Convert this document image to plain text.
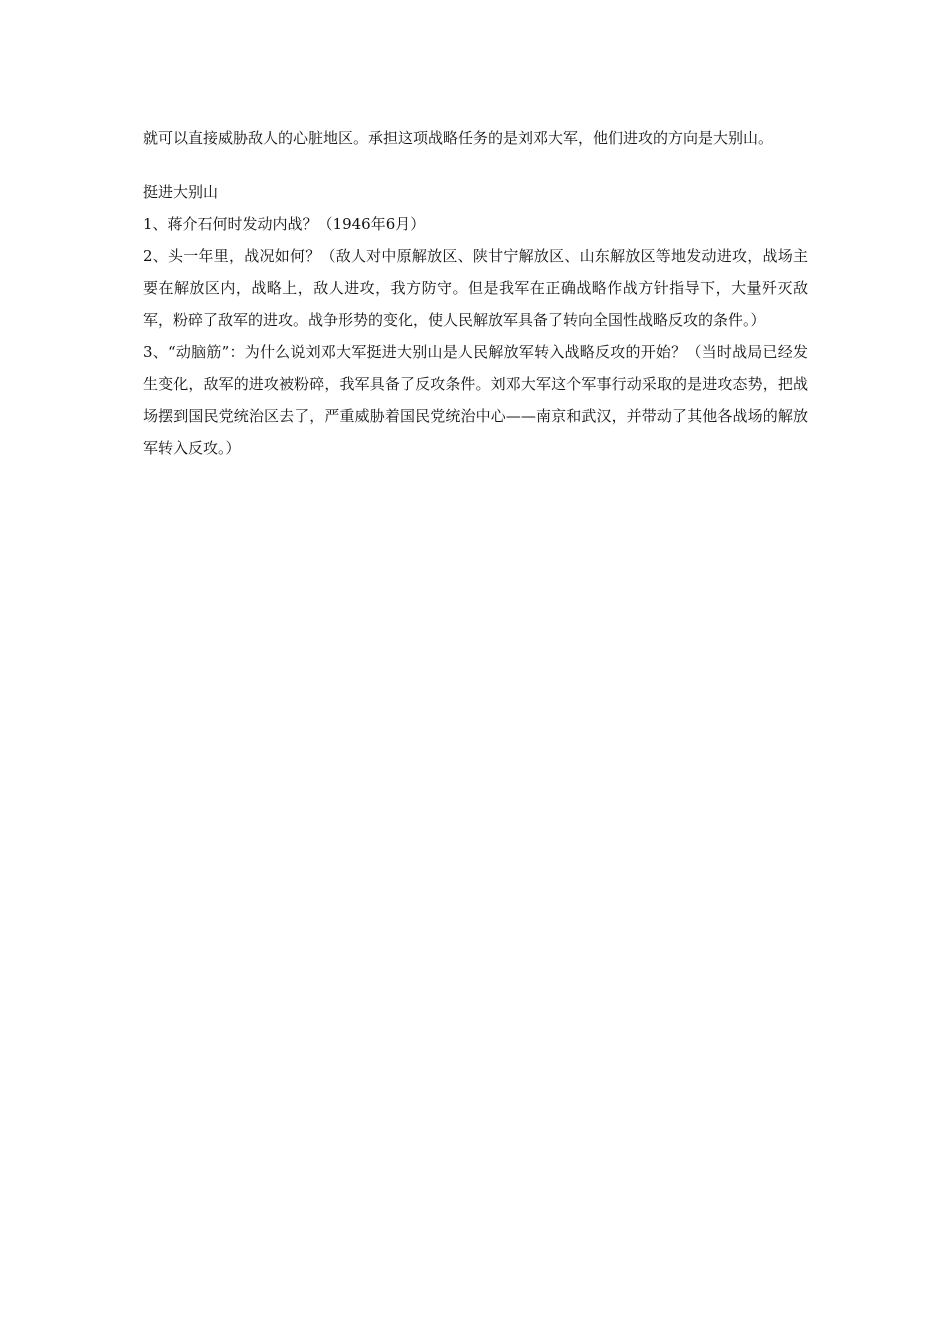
就可以直接威胁敌人的心脏地区。承担这项战略任务的是刘邓大军，他们进攻的方向是大别山。

挺进大别山

1、蒋介石何时发动内战？（1946年6月）

2、头一年里，战况如何？（敌人对中原解放区、陕甘宁解放区、山东解放区等地发动进攻，战场主要在解放区内，战略上，敌人进攻，我方防守。但是我军在正确战略作战方针指导下，大量歼灭敌军，粉碎了敌军的进攻。战争形势的变化，使人民解放军具备了转向全国性战略反攻的条件。）

3、“动脑筋”：为什么说刘邓大军挺进大别山是人民解放军转入战略反攻的开始？（当时战局已经发生变化，敌军的进攻被粉碎，我军具备了反攻条件。刘邓大军这个军事行动采取的是进攻态势，把战场摆到国民党统治区去了，严重威胁着国民党统治中心——南京和武汉，并带动了其他各战场的解放军转入反攻。）
